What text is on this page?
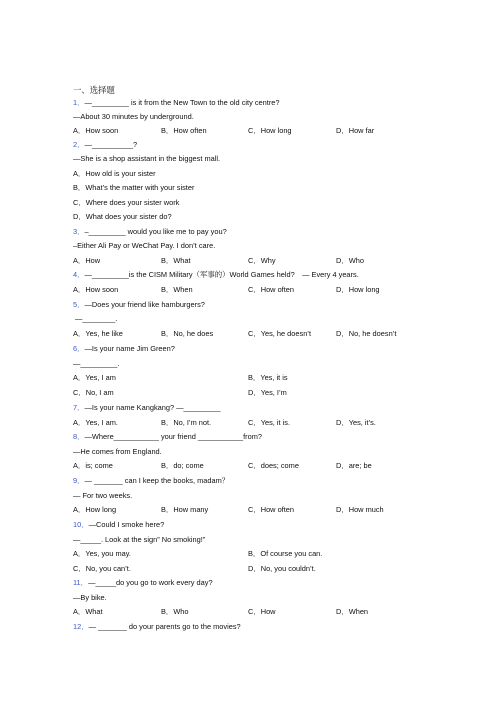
一、选择题
1．—_________ is it from the New Town to the old city centre?
—About 30 minutes by underground.
A．How soon	B．How often	C．How long	D．How far
2．—__________?
—She is a shop assistant in the biggest mall.
A．How old is your sister
B．What’s the matter with your sister
C．Where does your sister work
D．What does your sister do?
3．–_________ would you like me to pay you?
–Either Ali Pay or WeChat Pay. I don’t care.
A．How	B．What	C．Why	D．Who
4．—_________is the CISM Military（军事的）World Games held?　— Every 4 years.
A．How soon	B．When	C．How often	D．How long
5．—Does your friend like hamburgers?
—________.
A．Yes, he like	B．No, he does	C．Yes, he doesn’t	D．No, he doesn’t
6．—Is your name Jim Green?
—_________.
A．Yes, I am	B．Yes, it is
C．No, I am	D．Yes, I’m
7．—Is your name Kangkang? —_________
A．Yes, I am.	B．No, I’m not.	C．Yes, it is.	D．Yes, it’s.
8．—Where___________ your friend ___________from?
—He comes from England.
A．is; come	B．do; come	C．does; come	D．are; be
9．— _______ can I keep the books, madam？
— For two weeks.
A．How long	B．How many	C．How often	D．How much
10．—Could I smoke here?
—_____. Look at the sign” No smoking!”
A．Yes, you may.	B．Of course you can.
C．No, you can’t.	D．No, you couldn’t.
11．—_____do you go to work every day?
—By bike.
A．What	B．Who	C．How	D．When
12．— _______ do your parents go to the movies?
